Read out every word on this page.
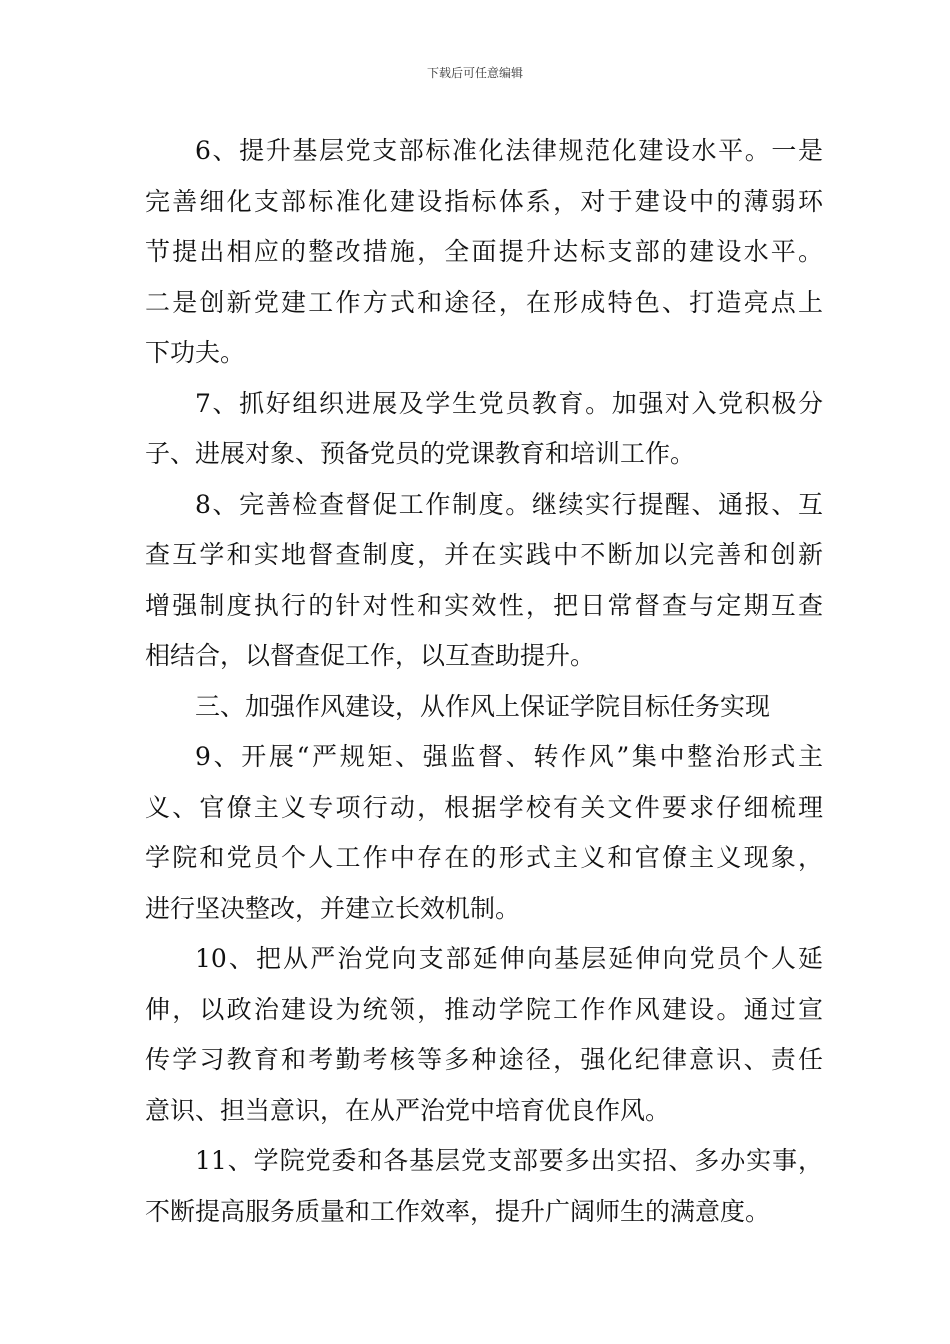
下载后可任意编辑
6、提升基层党支部标准化法律规范化建设水平。一是
完善细化支部标准化建设指标体系，对于建设中的薄弱环
节提出相应的整改措施，全面提升达标支部的建设水平。
二是创新党建工作方式和途径，在形成特色、打造亮点上
下功夫。
7、抓好组织进展及学生党员教育。加强对入党积极分
子、进展对象、预备党员的党课教育和培训工作。
8、完善检查督促工作制度。继续实行提醒、通报、互
查互学和实地督查制度，并在实践中不断加以完善和创新
增强制度执行的针对性和实效性，把日常督查与定期互查
相结合，以督查促工作，以互查助提升。
三、加强作风建设，从作风上保证学院目标任务实现
9、开展“严规矩、强监督、转作风”集中整治形式主
义、官僚主义专项行动，根据学校有关文件要求仔细梳理
学院和党员个人工作中存在的形式主义和官僚主义现象，
进行坚决整改，并建立长效机制。
10、把从严治党向支部延伸向基层延伸向党员个人延
伸，以政治建设为统领，推动学院工作作风建设。通过宣
传学习教育和考勤考核等多种途径，强化纪律意识、责任
意识、担当意识，在从严治党中培育优良作风。
11、学院党委和各基层党支部要多出实招、多办实事，
不断提高服务质量和工作效率，提升广阔师生的满意度。
